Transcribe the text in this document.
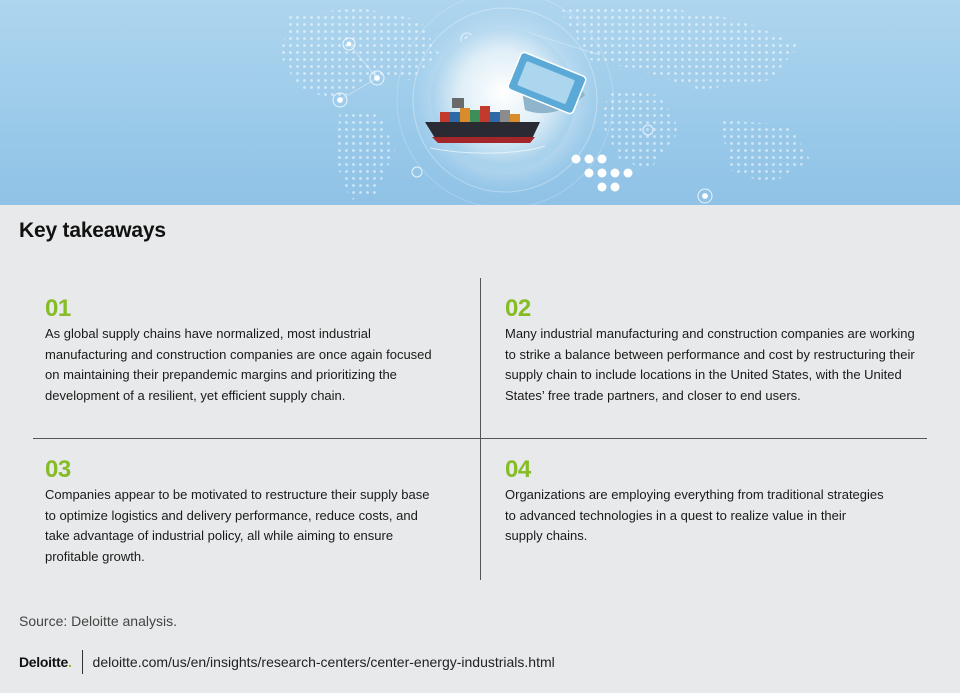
Key takeaways
01
As global supply chains have normalized, most industrial manufacturing and construction companies are once again focused on maintaining their prepandemic margins and prioritizing the development of a resilient, yet efficient supply chain.
02
Many industrial manufacturing and construction companies are working to strike a balance between performance and cost by restructuring their supply chain to include locations in the United States, with the United States’ free trade partners, and closer to end users.
03
Companies appear to be motivated to restructure their supply base to optimize logistics and delivery performance, reduce costs, and take advantage of industrial policy, all while aiming to ensure profitable growth.
04
Organizations are employing everything from traditional strategies to advanced technologies in a quest to realize value in their supply chains.
Source: Deloitte analysis.
Deloitte. deloitte.com/us/en/insights/research-centers/center-energy-industrials.html
